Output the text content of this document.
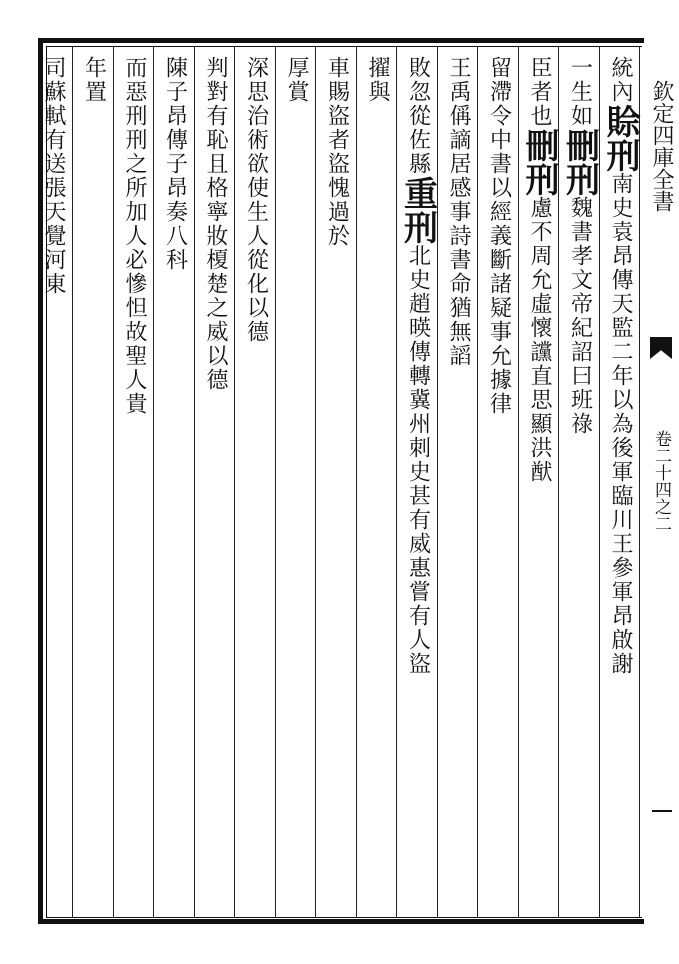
統內賒刑南史袁昂傳天監二年以為後軍臨川王參軍昂啟謝
一生如刪刑魏書孝文帝紀詔曰班祿
臣者也刪刑慮不周允虛懷讜直思顯洪猷
留滯令中書以經義斷諸疑事允據律
王禹偁謫居感事詩書命猶無謟
敗忽從佐縣重刑北史趙暎傳轉冀州刺史甚有威惠嘗有人盜
擢與
車賜盜者盜愧過於
厚賞
深思治術欲使生人從化以德
判對有恥且格寧妝榎楚之威以德
陳子昂傳子昂奏八科
而惡刑刑之所加人必慘怛故聖人貴
年置
司蘇軾有送張天覺河東	欽定四庫全書
卷二十四之二
